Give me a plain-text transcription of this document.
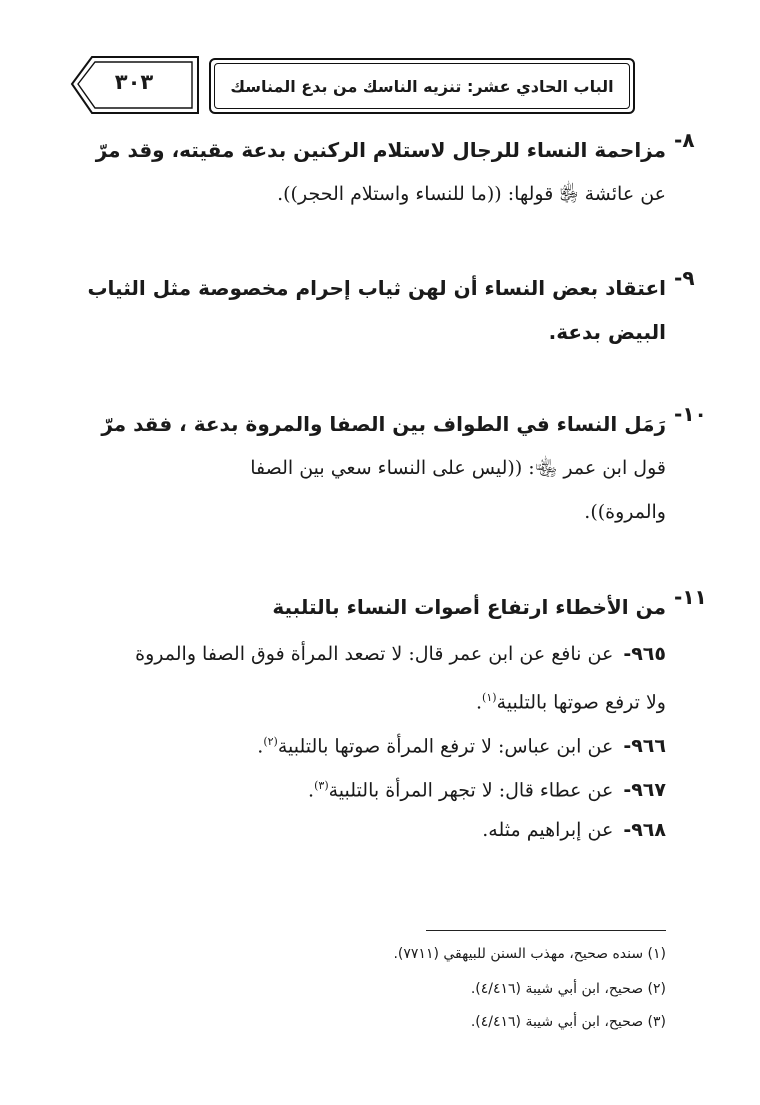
٣٠٣	الباب الحادي عشر: تنزيه الناسك من بدع المناسك
٨-
مزاحمة النساء للرجال لاستلام الركنين بدعة مقيته، وقد مرّ
عن عائشة ﵂ قولها: ((ما للنساء واستلام الحجر)).
٩-
اعتقاد بعض النساء أن لهن ثياب إحرام مخصوصة مثل الثياب
البيض بدعة.
١٠-
رَمَل النساء في الطواف بين الصفا والمروة بدعة ، فقد مرّ
قول ابن عمر ﵄: ((ليس على النساء سعي بين الصفا
والمروة)).
١١-
من الأخطاء ارتفاع أصوات النساء بالتلبية
٩٦٥-عن نافع عن ابن عمر قال: لا تصعد المرأة فوق الصفا والمروة
ولا ترفع صوتها بالتلبية$^{(١)}$.
٩٦٦-عن ابن عباس: لا ترفع المرأة صوتها بالتلبية$^{(٢)}$.
٩٦٧-عن عطاء قال: لا تجهر المرأة بالتلبية$^{(٣)}$.
٩٦٨-عن إبراهيم مثله.
(١) سنده صحيح، مهذب السنن للبيهقي (٧٧١١).
(٢) صحيح، ابن أبي شيبة (٤/٤١٦).
(٣) صحيح، ابن أبي شيبة (٤/٤١٦).
